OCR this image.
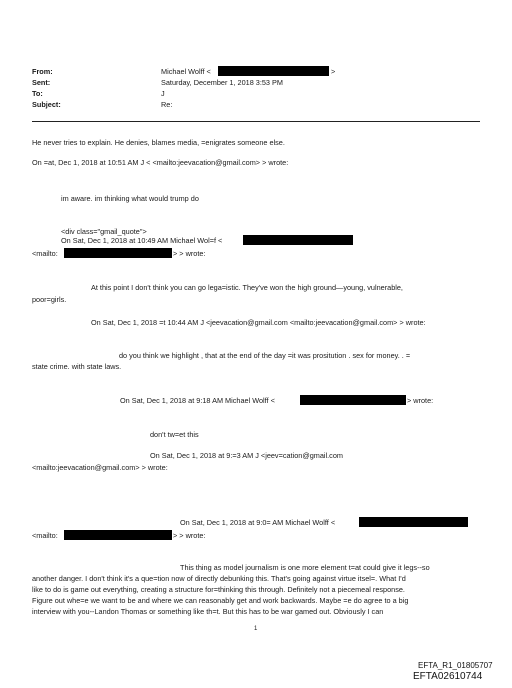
From:	Michael Wolff <	>
Sent:	Saturday, December 1, 2018 3:53 PM
To:	J
Subject:	Re:
He never tries to explain. He denies, blames media, =enigrates someone else.
On =at, Dec 1, 2018 at 10:51 AM J < <mailto:jeevacation@gmail.com> > wrote:
im aware. im thinking what would trump do
<div class="gmail_quote">
On Sat, Dec 1, 2018 at 10:49 AM Michael Wol=f <
<mailto:	> > wrote:
At this point I don't think you can go lega=istic. They've won the high ground—young, vulnerable,
poor=girls.
On Sat, Dec 1, 2018 =t 10:44 AM J <jeevacation@gmail.com <mailto:jeevacation@gmail.com> > wrote:
do you think we highlight , that at the end of the day =it was prositution . sex for money. . =
state crime. with state laws.
On Sat, Dec 1, 2018 at 9:18 AM Michael Wolff <	> wrote:
don't tw=et this
On Sat, Dec 1, 2018 at 9:=3 AM J <jeev=cation@gmail.com
<mailto:jeevacation@gmail.com> > wrote:
On Sat, Dec 1, 2018 at 9:0= AM Michael Wolff <
<mailto:	> > wrote:
This thing as model journalism is one more element t=at could give it legs--so
another danger. I don't think it's a que=tion now of directly debunking this. That's going against virtue itsel=. What I'd
like to do is game out everything, creating a structure for=thinking this through. Definitely not a piecemeal response.
Figure out whe=e we want to be and where we can reasonably get and work backwards. Maybe =e do agree to a big
interview with you--Landon Thomas or something like th=t. But this has to be war gamed out. Obviously I can
1
EFTA_R1_01805707
EFTA02610744
